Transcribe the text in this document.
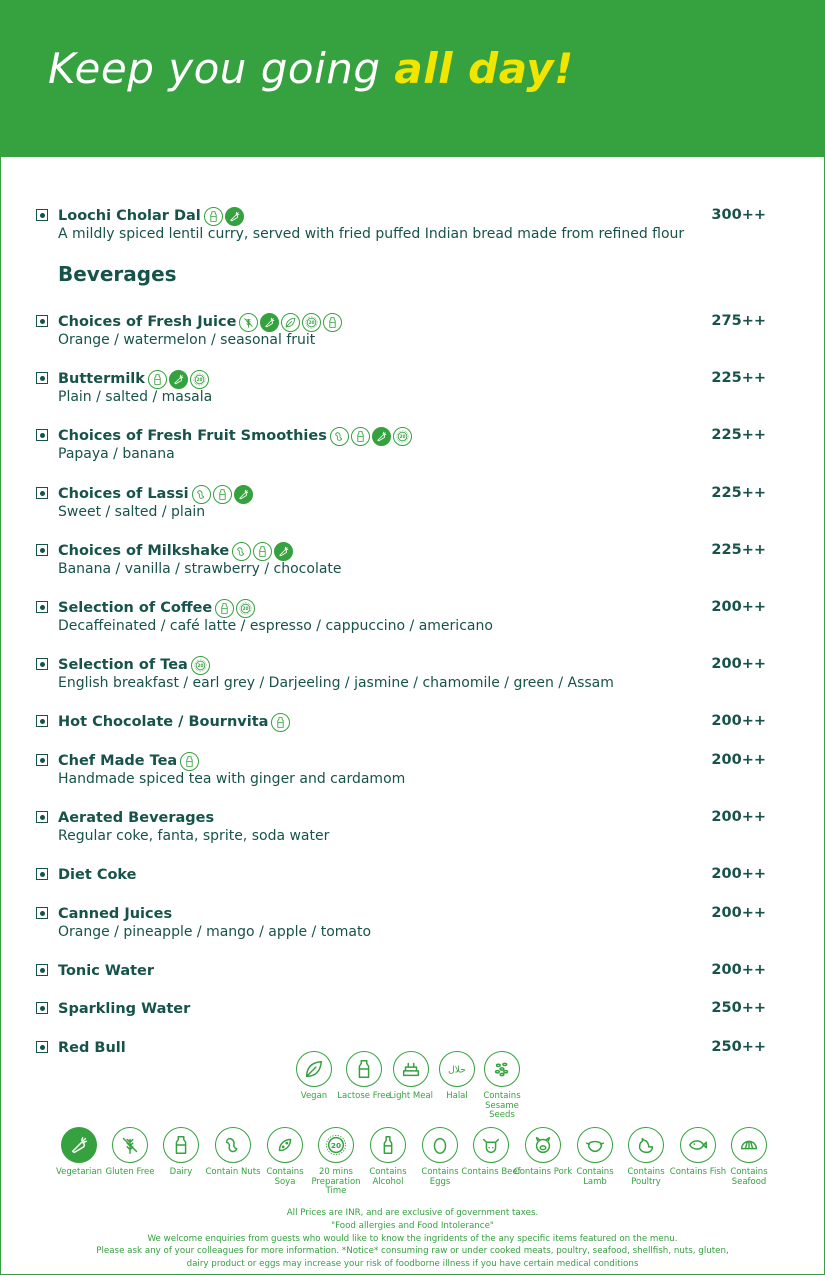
Keep you going all day!
Beverages
Loochi Cholar Dal
A mildly spiced lentil curry, served with fried puffed Indian bread made from refined flour
300++
Choices of Fresh Juice	20
Orange / watermelon / seasonal fruit
275++
Buttermilk	20
Plain / salted / masala
225++
Choices of Fresh Fruit Smoothies	20
Papaya / banana
225++
Choices of Lassi
Sweet / salted / plain
225++
Choices of Milkshake
Banana / vanilla / strawberry / chocolate
225++
Selection of Coffee	20
Decaffeinated / café latte / espresso / cappuccino / americano
200++
Selection of Tea 20
English breakfast / earl grey / Darjeeling / jasmine / chamomile / green / Assam
200++
Hot Chocolate / Bournvita	200++
Chef Made Tea
Handmade spiced tea with ginger and cardamom
200++
Aerated Beverages
Regular coke, fanta, sprite, soda water
200++
Diet Coke	200++
Canned Juices
Orange / pineapple / mango / apple / tomato
200++
Tonic Water	200++
Sparkling Water	250++
Red Bull	250++
Vegan	Lactose Free
Light Meal
حلال
Halal	Contains Sesame Seeds
Vegetarian Gluten Free	Dairy	Contain Nuts Contains Soya
20
20 mins Preparation Time
Contains Alcohol
Contains Eggs
Contains Beef
Contains Pork Contains Lamb
Contains Poultry
Contains Fish Contains Seafood
All Prices are INR, and are exclusive of government taxes.
"Food allergies and Food Intolerance"
We welcome enquiries from guests who would like to know the ingridents of the any specific items featured on the menu.
Please ask any of your colleagues for more information. *Notice* consuming raw or under cooked meats, poultry, seafood, shellfish, nuts, gluten,
dairy product or eggs may increase your risk of foodborne illness if you have certain medical conditions
